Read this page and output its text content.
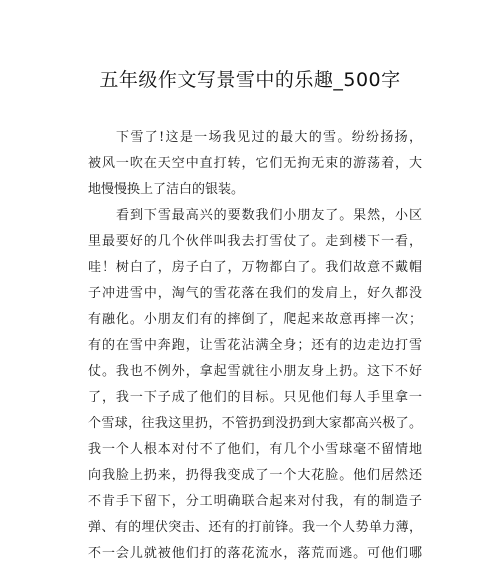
五年级作文写景雪中的乐趣_500字
下雪了!这是一场我见过的最大的雪。纷纷扬扬，
被风一吹在天空中直打转，它们无拘无束的游荡着，大
地慢慢换上了洁白的银装。
看到下雪最高兴的要数我们小朋友了。果然，小区
里最要好的几个伙伴叫我去打雪仗了。走到楼下一看，
哇！树白了，房子白了，万物都白了。我们故意不戴帽
子冲进雪中，淘气的雪花落在我们的发肩上，好久都没
有融化。小朋友们有的摔倒了，爬起来故意再摔一次；
有的在雪中奔跑，让雪花沾满全身；还有的边走边打雪
仗。我也不例外，拿起雪就往小朋友身上扔。这下不好
了，我一下子成了他们的目标。只见他们每人手里拿一
个雪球，往我这里扔，不管扔到没扔到大家都高兴极了。
我一个人根本对付不了他们，有几个小雪球毫不留情地
向我脸上扔来，扔得我变成了一个大花脸。他们居然还
不肯手下留下，分工明确联合起来对付我，有的制造子
弹、有的埋伏突击、还有的打前锋。我一个人势单力薄，
不一会儿就被他们打的落花流水，落荒而逃。可他们哪
